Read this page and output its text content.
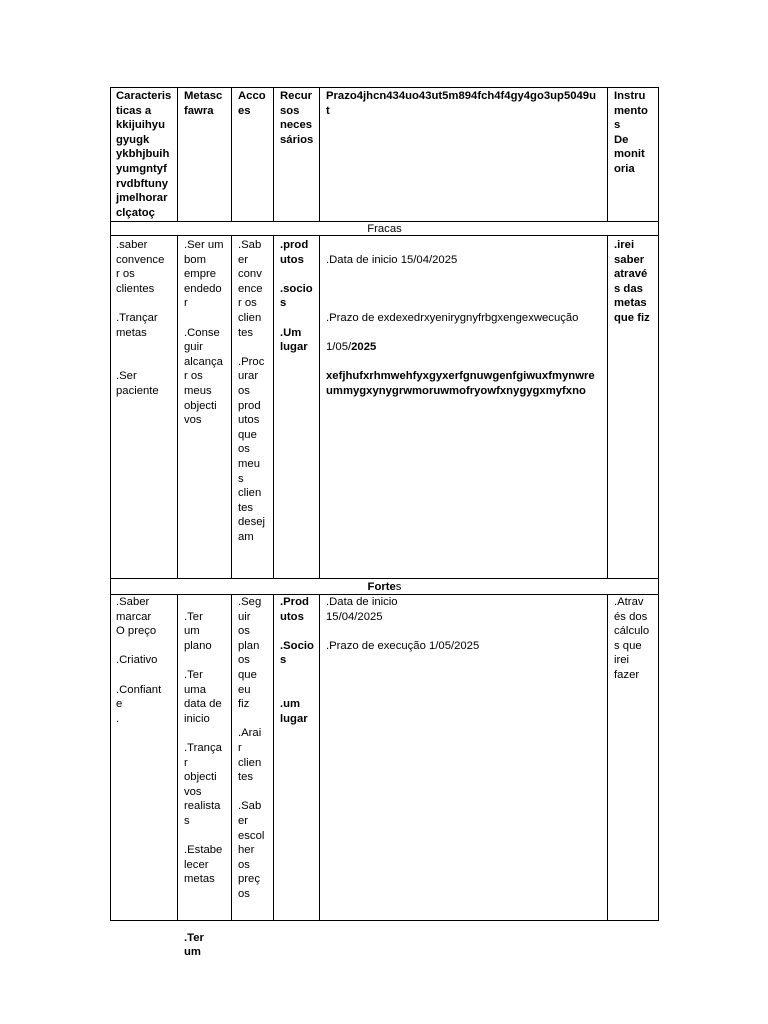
Caracteris
ticas a
kkijuihyu
gyugk
ykbhjbuih
yumgntyf
rvdbftuny
jmelhorar
clçatoç
Metasc
fawra
Acco
es
Recur
sos
neces
sários
Prazo4jhcn434uo43ut5m894fch4f4gy4go3up5049u
t
Instru
mento
s
De
monit
oria
Fracas
.saber
convence
r os
clientes

.Trançar
metas

.Ser
paciente
.Ser um
bom
empre
endedo
r

.Conse
guir
alcança
r os
meus
objecti
vos
.Sab
er
conv
ence
r os
clien
tes

.Proc
urar
os
prod
utos
que
os
meu
s
clien
tes
desej
am
.prod
utos

.socio
s

.Um
lugar

.Data de inicio 15/04/2025

.Prazo de exdexedrxyenirygnyfrbgxengexwecução

1/05/2025

xefjhufxrhmwehfyxgyxerfgnuwgenfgiwuxfmynwre
ummygxynygrwmoruwmofryowfxnygygxmyfxno

.irei
saber
atravé
s das
metas
que fiz
Fortes
.Saber
marcar
O preço

.Criativo

.Confiant
e
.

.Ter
um
plano

.Ter
uma
data de
inicio

.Trança
r
objecti
vos
realista
s

.Estabe
lecer
metas

.Ter
um

.Seg
uir
os
plan
os
que
eu
fiz

.Arai
r
clien
tes

.Sab
er
escol
her
os
preç
os
.Prod
utos

.Socio
s

.um
lugar
.Data de inicio
15/04/2025

.Prazo de execução 1/05/2025
.Atrav
és dos
cálculo
s que
irei
fazer
